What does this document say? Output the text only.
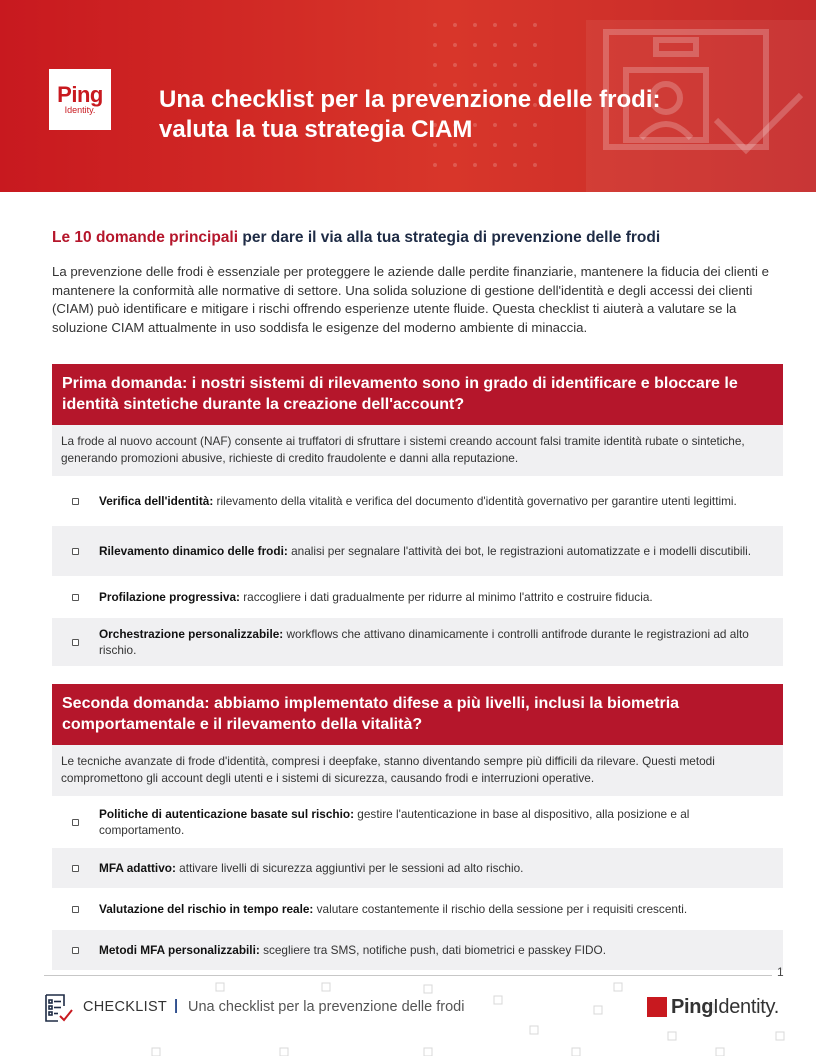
Ping
Identity.	Una checklist per la prevenzione delle frodi:
valuta la tua strategia CIAM
Le 10 domande principali per dare il via alla tua strategia di prevenzione delle frodi
La prevenzione delle frodi è essenziale per proteggere le aziende dalle perdite finanziarie, mantenere la fiducia dei clienti e mantenere la conformità alle normative di settore. Una solida soluzione di gestione dell'identità e degli accessi dei clienti (CIAM) può identificare e mitigare i rischi offrendo esperienze utente fluide. Questa checklist ti aiuterà a valutare se la soluzione CIAM attualmente in uso soddisfa le esigenze del moderno ambiente di minaccia.
Prima domanda: i nostri sistemi di rilevamento sono in grado di identificare e bloccare le identità sintetiche durante la creazione dell'account?
La frode al nuovo account (NAF) consente ai truffatori di sfruttare i sistemi creando account falsi tramite identità rubate o sintetiche, generando promozioni abusive, richieste di credito fraudolente e danni alla reputazione.
Verifica dell'identità: rilevamento della vitalità e verifica del documento d'identità governativo per garantire utenti legittimi.
Rilevamento dinamico delle frodi: analisi per segnalare l'attività dei bot, le registrazioni automatizzate e i modelli discutibili.
Profilazione progressiva: raccogliere i dati gradualmente per ridurre al minimo l'attrito e costruire fiducia.
Orchestrazione personalizzabile: workflows che attivano dinamicamente i controlli antifrode durante le registrazioni ad alto rischio.
Seconda domanda: abbiamo implementato difese a più livelli, inclusi la biometria comportamentale e il rilevamento della vitalità?
Le tecniche avanzate di frode d'identità, compresi i deepfake, stanno diventando sempre più difficili da rilevare. Questi metodi compromettono gli account degli utenti e i sistemi di sicurezza, causando frodi e interruzioni operative.
Politiche di autenticazione basate sul rischio: gestire l'autenticazione in base al dispositivo, alla posizione e al comportamento.
MFA adattivo: attivare livelli di sicurezza aggiuntivi per le sessioni ad alto rischio.
Valutazione del rischio in tempo reale: valutare costantemente il rischio della sessione per i requisiti crescenti.
Metodi MFA personalizzabili: scegliere tra SMS, notifiche push, dati biometrici e passkey FIDO.
1
CHECKLIST | Una checklist per la prevenzione delle frodi	PingIdentity.
